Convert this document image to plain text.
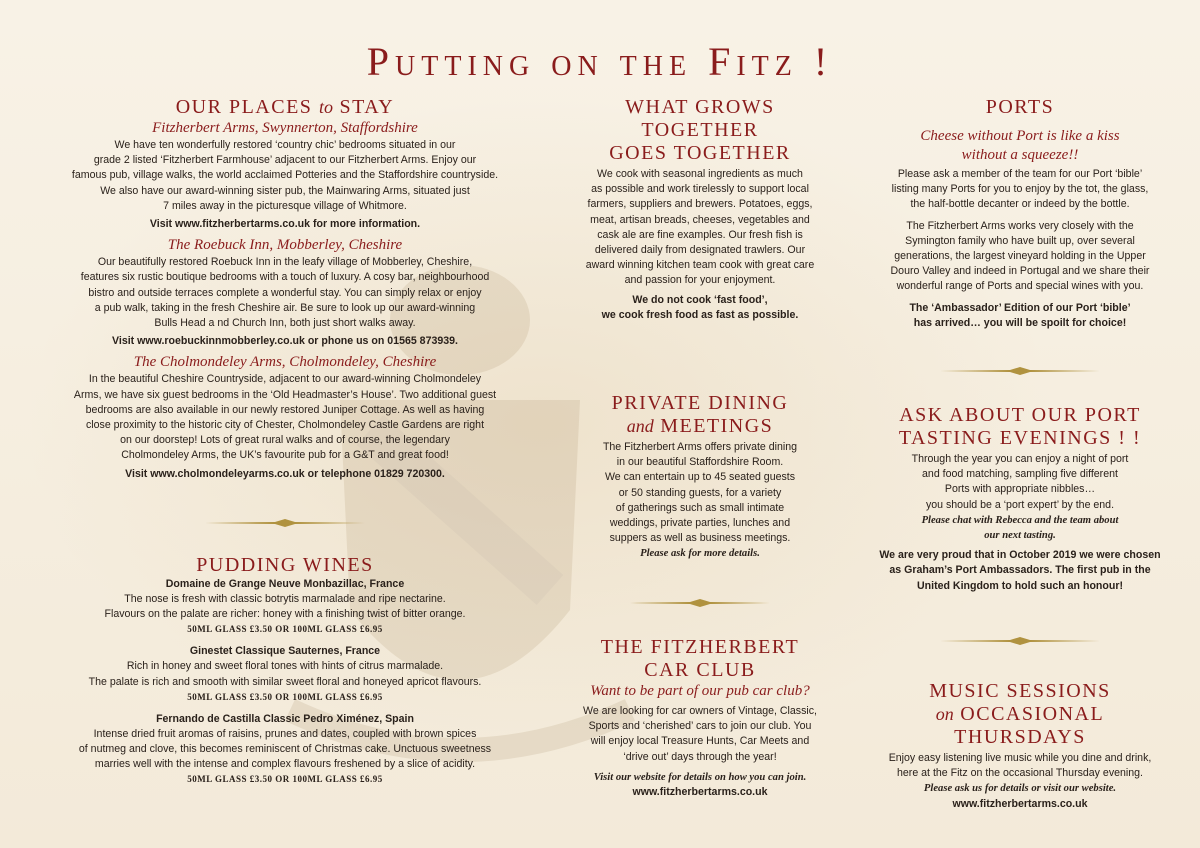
Putting on the Fitz !
OUR PLACES to STAY
Fitzherbert Arms, Swynnerton, Staffordshire

We have ten wonderfully restored ‘country chic’ bedrooms situated in our

grade 2 listed ‘Fitzherbert Farmhouse’ adjacent to our Fitzherbert Arms. Enjoy our

famous pub, village walks, the world acclaimed Potteries and the Staffordshire countryside.

We also have our award-winning sister pub, the Mainwaring Arms, situated just

7 miles away in the picturesque village of Whitmore.

Visit www.fitzherbertarms.co.uk for more information.

The Roebuck Inn, Mobberley, Cheshire

Our beautifully restored Roebuck Inn in the leafy village of Mobberley, Cheshire,

features six rustic boutique bedrooms with a touch of luxury. A cosy bar, neighbourhood

bistro and outside terraces complete a wonderful stay. You can simply relax or enjoy

a pub walk, taking in the fresh Cheshire air. Be sure to look up our award-winning

Bulls Head a nd Church Inn, both just short walks away.

Visit www.roebuckinnmobberley.co.uk or phone us on 01565 873939.

The Cholmondeley Arms, Cholmondeley, Cheshire

In the beautiful Cheshire Countryside, adjacent to our award-winning Cholmondeley

Arms, we have six guest bedrooms in the ‘Old Headmaster’s House’. Two additional guest

bedrooms are also available in our newly restored Juniper Cottage. As well as having

close proximity to the historic city of Chester, Cholmondeley Castle Gardens are right

on our doorstep! Lots of great rural walks and of course, the legendary

Cholmondeley Arms, the UK’s favourite pub for a G&T and great food!

Visit www.cholmondeleyarms.co.uk or telephone 01829 720300.

PUDDING WINES

Domaine de Grange Neuve Monbazillac, France

The nose is fresh with classic botrytis marmalade and ripe nectarine.

Flavours on the palate are richer: honey with a finishing twist of bitter orange.

50ML GLASS £3.50 OR 100ML GLASS £6.95

Ginestet Classique Sauternes, France

Rich in honey and sweet floral tones with hints of citrus marmalade.

The palate is rich and smooth with similar sweet floral and honeyed apricot flavours.

50ML GLASS £3.50 OR 100ML GLASS £6.95

Fernando de Castilla Classic Pedro Ximénez, Spain

Intense dried fruit aromas of raisins, prunes and dates, coupled with brown spices

of nutmeg and clove, this becomes reminiscent of Christmas cake. Unctuous sweetness

marries well with the intense and complex flavours freshened by a slice of acidity.

50ML GLASS £3.50 OR 100ML GLASS £6.95

WHAT GROWS
TOGETHER
GOES TOGETHER

We cook with seasonal ingredients as much

as possible and work tirelessly to support local

farmers, suppliers and brewers. Potatoes, eggs,

meat, artisan breads, cheeses, vegetables and

cask ale are fine examples. Our fresh fish is

delivered daily from designated trawlers. Our

award winning kitchen team cook with great care

and passion for your enjoyment.

We do not cook ‘fast food’,

we cook fresh food as fast as possible.

PRIVATE DINING
and MEETINGS

The Fitzherbert Arms offers private dining

in our beautiful Staffordshire Room.

We can entertain up to 45 seated guests

or 50 standing guests, for a variety

of gatherings such as small intimate

weddings, private parties, lunches and

suppers as well as business meetings.

Please ask for more details.

THE FITZHERBERT
CAR CLUB
Want to be part of our pub car club?

We are looking for car owners of Vintage, Classic,

Sports and ‘cherished’ cars to join our club. You

will enjoy local Treasure Hunts, Car Meets and

‘drive out’ days through the year!

Visit our website for details on how you can join.

www.fitzherbertarms.co.uk

PORTS
Cheese without Port is like a kiss
without a squeeze!!

Please ask a member of the team for our Port ‘bible’

listing many Ports for you to enjoy by the tot, the glass,

the half-bottle decanter or indeed by the bottle.

The Fitzherbert Arms works very closely with the

Symington family who have built up, over several

generations, the largest vineyard holding in the Upper

Douro Valley and indeed in Portugal and we share their

wonderful range of Ports and special wines with you.

The ‘Ambassador’ Edition of our Port ‘bible’

has arrived… you will be spoilt for choice!

ASK ABOUT OUR PORT
TASTING EVENINGS ! !

Through the year you can enjoy a night of port

and food matching, sampling five different

Ports with appropriate nibbles…

you should be a ‘port expert’ by the end.

Please chat with Rebecca and the team about

our next tasting.

We are very proud that in October 2019 we were chosen

as Graham’s Port Ambassadors. The first pub in the

United Kingdom to hold such an honour!

MUSIC SESSIONS
on OCCASIONAL
THURSDAYS

Enjoy easy listening live music while you dine and drink,

here at the Fitz on the occasional Thursday evening.

Please ask us for details or visit our website.

www.fitzherbertarms.co.uk
